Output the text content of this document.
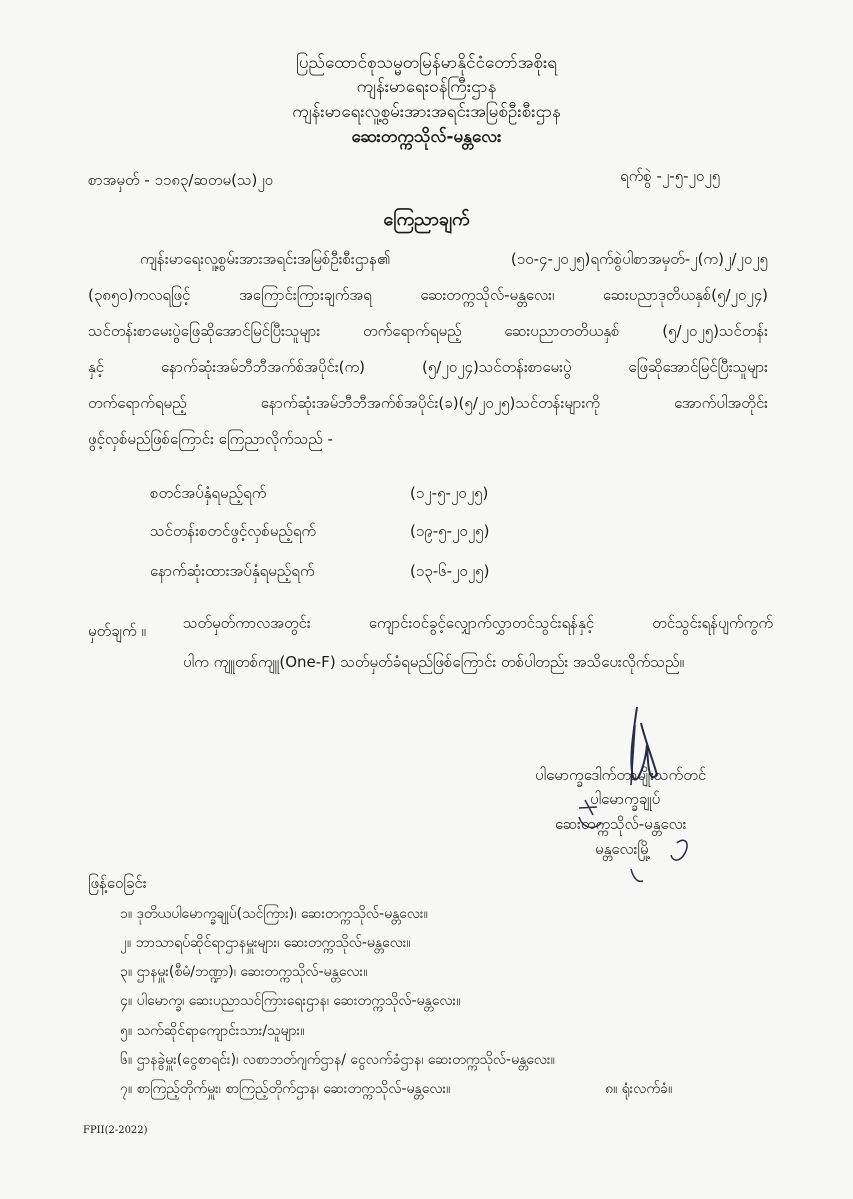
ပြည်ထောင်စုသမ္မတမြန်မာနိုင်ငံတော်အစိုးရ
ကျန်းမာရေးဝန်ကြီးဌာန
ကျန်းမာရေးလူ့စွမ်းအားအရင်းအမြစ်ဦးစီးဌာန
ဆေးတက္ကသိုလ်-မန္တလေး
စာအမှတ် - ၁၁၈၃/ဆတမ(သ)၂၀	ရက်စွဲ -၂-၅-၂၀၂၅
ကြေညာချက်
ကျန်းမာရေးလူ့စွမ်းအားအရင်းအမြစ်ဦးစီးဌာန၏ (၁၀-၄-၂၀၂၅)ရက်စွဲပါစာအမှတ်-၂(က)၂/၂၀၂၅
(၃၈၅၀)ကလရဖြင့် အကြောင်းကြားချက်အရ ဆေးတက္ကသိုလ်-မန္တလေး၊ ဆေးပညာဒုတိယနှစ်(၅/၂၀၂၄)
သင်တန်းစာမေးပွဲဖြေဆိုအောင်မြင်ပြီးသူများ တက်ရောက်ရမည့် ဆေးပညာတတိယနှစ် (၅/၂၀၂၅)သင်တန်း
နှင့် နောက်ဆုံးအမ်ဘီဘီအက်စ်အပိုင်း(က) (၅/၂၀၂၄)သင်တန်းစာမေးပွဲ ဖြေဆိုအောင်မြင်ပြီးသူများ
တက်ရောက်ရမည့် နောက်ဆုံးအမ်ဘီဘီအက်စ်အပိုင်း(ခ)(၅/၂၀၂၅)သင်တန်းများကို အောက်ပါအတိုင်း
ဖွင့်လှစ်မည်ဖြစ်ကြောင်း ကြေညာလိုက်သည် -
စတင်အပ်နှံရမည့်ရက်	(၁၂-၅-၂၀၂၅)
သင်တန်းစတင်ဖွင့်လှစ်မည့်ရက်	(၁၉-၅-၂၀၂၅)
နောက်ဆုံးထားအပ်နှံရမည့်ရက်	(၁၃-၆-၂၀၂၅)
မှတ်ချက် ။ သတ်မှတ်ကာလအတွင်း ကျောင်းဝင်ခွင့်လျှောက်လွှာတင်သွင်းရန်နှင့် တင်သွင်းရန်ပျက်ကွက်
ပါက ကျူတစ်ကျူ(One-F) သတ်မှတ်ခံရမည်ဖြစ်ကြောင်း တစ်ပါတည်း အသိပေးလိုက်သည်။
ပါမောက္ခဒေါက်တာမျိုးသက်တင်
ပါမောက္ခချုပ်
ဆေးတက္ကသိုလ်-မန္တလေး
မန္တလေးမြို့
ဖြန့်ဝေခြင်း
၁။ ဒုတိယပါမောက္ခချုပ်(သင်ကြား)၊ ဆေးတက္ကသိုလ်-မန္တလေး။
၂။ ဘာသာရပ်ဆိုင်ရာဌာနမှူးများ၊ ဆေးတက္ကသိုလ်-မန္တလေး။
၃။ ဌာနမှူး(စီမံ/ဘဏ္ဍာ)၊ ဆေးတက္ကသိုလ်-မန္တလေး။
၄။ ပါမောက္ခ၊ ဆေးပညာသင်ကြားရေးဌာန၊ ဆေးတက္ကသိုလ်-မန္တလေး။
၅။ သက်ဆိုင်ရာကျောင်းသား/သူများ။
၆။ ဌာနခွဲမှူး(ငွေစာရင်း)၊ လစာဘတ်ဂျက်ဌာန/ ငွေလက်ခံဌာန၊ ဆေးတက္ကသိုလ်-မန္တလေး။
၇။ စာကြည့်တိုက်မှူး၊ စာကြည့်တိုက်ဌာန၊ ဆေးတက္ကသိုလ်-မန္တလေး။	၈။ ရုံးလက်ခံ။
FPII(2-2022)
